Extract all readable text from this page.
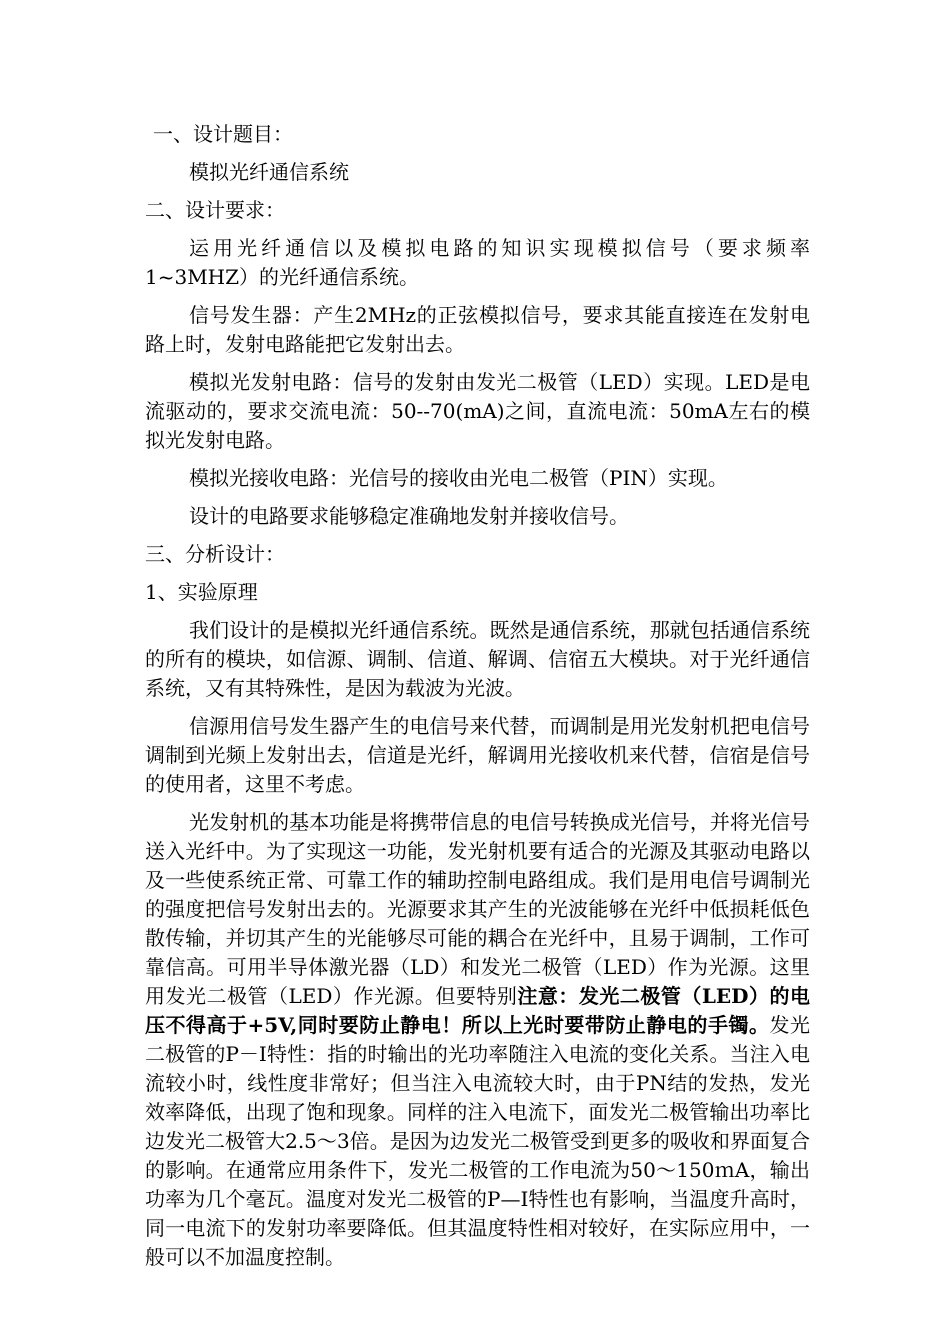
一、设计题目：

模拟光纤通信系统

二、设计要求：

运用光纤通信以及模拟电路的知识实现模拟信号（要求频率1~3MHZ）的光纤通信系统。

信号发生器：产生2MHz的正弦模拟信号，要求其能直接连在发射电路上时，发射电路能把它发射出去。

模拟光发射电路：信号的发射由发光二极管（LED）实现。LED是电流驱动的，要求交流电流：50--70(mA)之间，直流电流：50mA左右的模拟光发射电路。

模拟光接收电路：光信号的接收由光电二极管（PIN）实现。

设计的电路要求能够稳定准确地发射并接收信号。

三、分析设计：

1、实验原理

我们设计的是模拟光纤通信系统。既然是通信系统，那就包括通信系统的所有的模块，如信源、调制、信道、解调、信宿五大模块。对于光纤通信系统，又有其特殊性，是因为载波为光波。

信源用信号发生器产生的电信号来代替，而调制是用光发射机把电信号调制到光频上发射出去，信道是光纤，解调用光接收机来代替，信宿是信号的使用者，这里不考虑。

光发射机的基本功能是将携带信息的电信号转换成光信号，并将光信号送入光纤中。为了实现这一功能，发光射机要有适合的光源及其驱动电路以及一些使系统正常、可靠工作的辅助控制电路组成。我们是用电信号调制光的强度把信号发射出去的。光源要求其产生的光波能够在光纤中低损耗低色散传输，并切其产生的光能够尽可能的耦合在光纤中，且易于调制，工作可靠信高。可用半导体激光器（LD）和发光二极管（LED）作为光源。这里用发光二极管（LED）作光源。但要特别注意：发光二极管（LED）的电压不得高于+5V,同时要防止静电！所以上光时要带防止静电的手镯。发光二极管的P－I特性：指的时输出的光功率随注入电流的变化关系。当注入电流较小时，线性度非常好；但当注入电流较大时，由于PN结的发热，发光效率降低，出现了饱和现象。同样的注入电流下，面发光二极管输出功率比边发光二极管大2.5～3倍。是因为边发光二极管受到更多的吸收和界面复合的影响。在通常应用条件下，发光二极管的工作电流为50～150ｍA，输出功率为几个毫瓦。温度对发光二极管的P—I特性也有影响，当温度升高时，同一电流下的发射功率要降低。但其温度特性相对较好，在实际应用中，一般可以不加温度控制。
